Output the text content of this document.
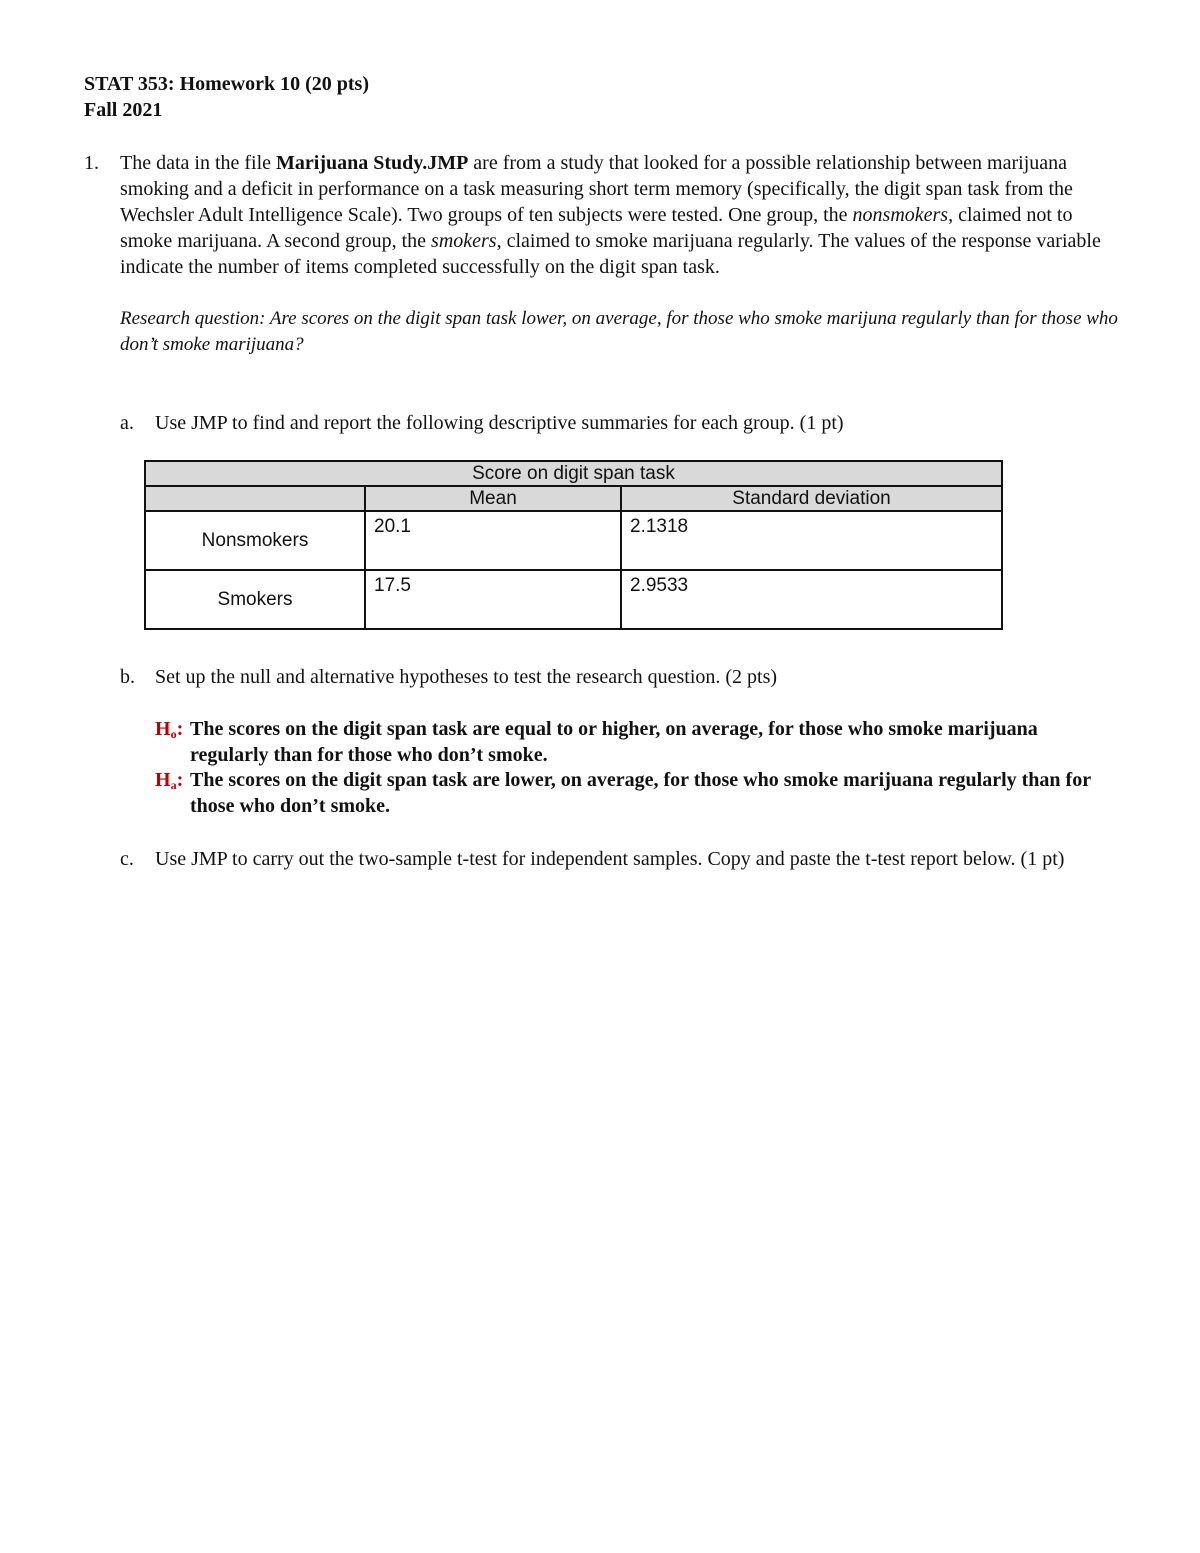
STAT 353: Homework 10 (20 pts)
Fall 2021
1. The data in the file Marijuana Study.JMP are from a study that looked for a possible relationship between marijuana smoking and a deficit in performance on a task measuring short term memory (specifically, the digit span task from the Wechsler Adult Intelligence Scale). Two groups of ten subjects were tested. One group, the nonsmokers, claimed not to smoke marijuana. A second group, the smokers, claimed to smoke marijuana regularly. The values of the response variable indicate the number of items completed successfully on the digit span task.

Research question: Are scores on the digit span task lower, on average, for those who smoke marijuna regularly than for those who don’t smoke marijuana?

a. Use JMP to find and report the following descriptive summaries for each group. (1 pt)
Score on digit span task		
	Mean	Standard deviation
Nonsmokers	20.1	2.1318
Smokers	17.5	2.9533
b. Set up the null and alternative hypotheses to test the research question. (2 pts)
$H_o$: The scores on the digit span task are equal to or higher, on average, for those who smoke marijuana regularly than for those who don’t smoke.
$H_a$: The scores on the digit span task are lower, on average, for those who smoke marijuana regularly than for those who don’t smoke.
c. Use JMP to carry out the two-sample t-test for independent samples. Copy and paste the t-test report below. (1 pt)
